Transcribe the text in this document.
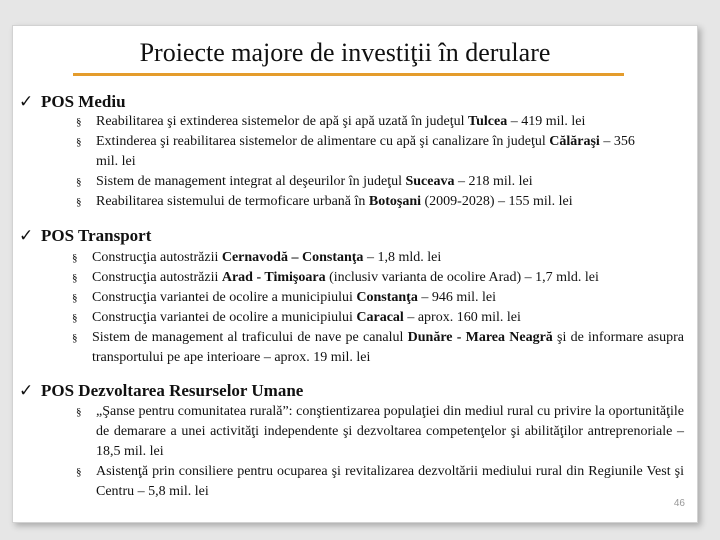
Proiecte majore de investiţii în derulare
✓ POS Mediu
§ Reabilitarea şi extinderea sistemelor de apă şi apă uzată în judeţul Tulcea – 419 mil. lei
§ Extinderea şi reabilitarea sistemelor de alimentare cu apă şi canalizare în judeţul Călăraşi – 356 mil. lei
§ Sistem de management integrat al deşeurilor în judeţul Suceava – 218 mil. lei
§ Reabilitarea sistemului de termoficare urbană în Botoşani (2009-2028) – 155 mil. lei
✓ POS Transport
§ Construcţia autostrăzii Cernavodă – Constanţa – 1,8 mld. lei
§ Construcţia autostrăzii Arad - Timişoara (inclusiv varianta de ocolire Arad) – 1,7 mld. lei
§ Construcţia variantei de ocolire a municipiului Constanţa – 946 mil. lei
§ Construcţia variantei de ocolire a municipiului Caracal – aprox. 160 mil. lei
§ Sistem de management al traficului de nave pe canalul Dunăre - Marea Neagră şi de informare asupra transportului pe ape interioare – aprox. 19 mil. lei
✓ POS Dezvoltarea Resurselor Umane
§ „Şanse pentru comunitatea rurală”: conştientizarea populaţiei din mediul rural cu privire la oportunităţile de demarare a unei activităţi independente şi dezvoltarea competenţelor şi abilităţilor antreprenoriale – 18,5 mil. lei
§ Asistenţă prin consiliere pentru ocuparea şi revitalizarea dezvoltării mediului rural din Regiunile Vest şi Centru – 5,8 mil. lei
46
